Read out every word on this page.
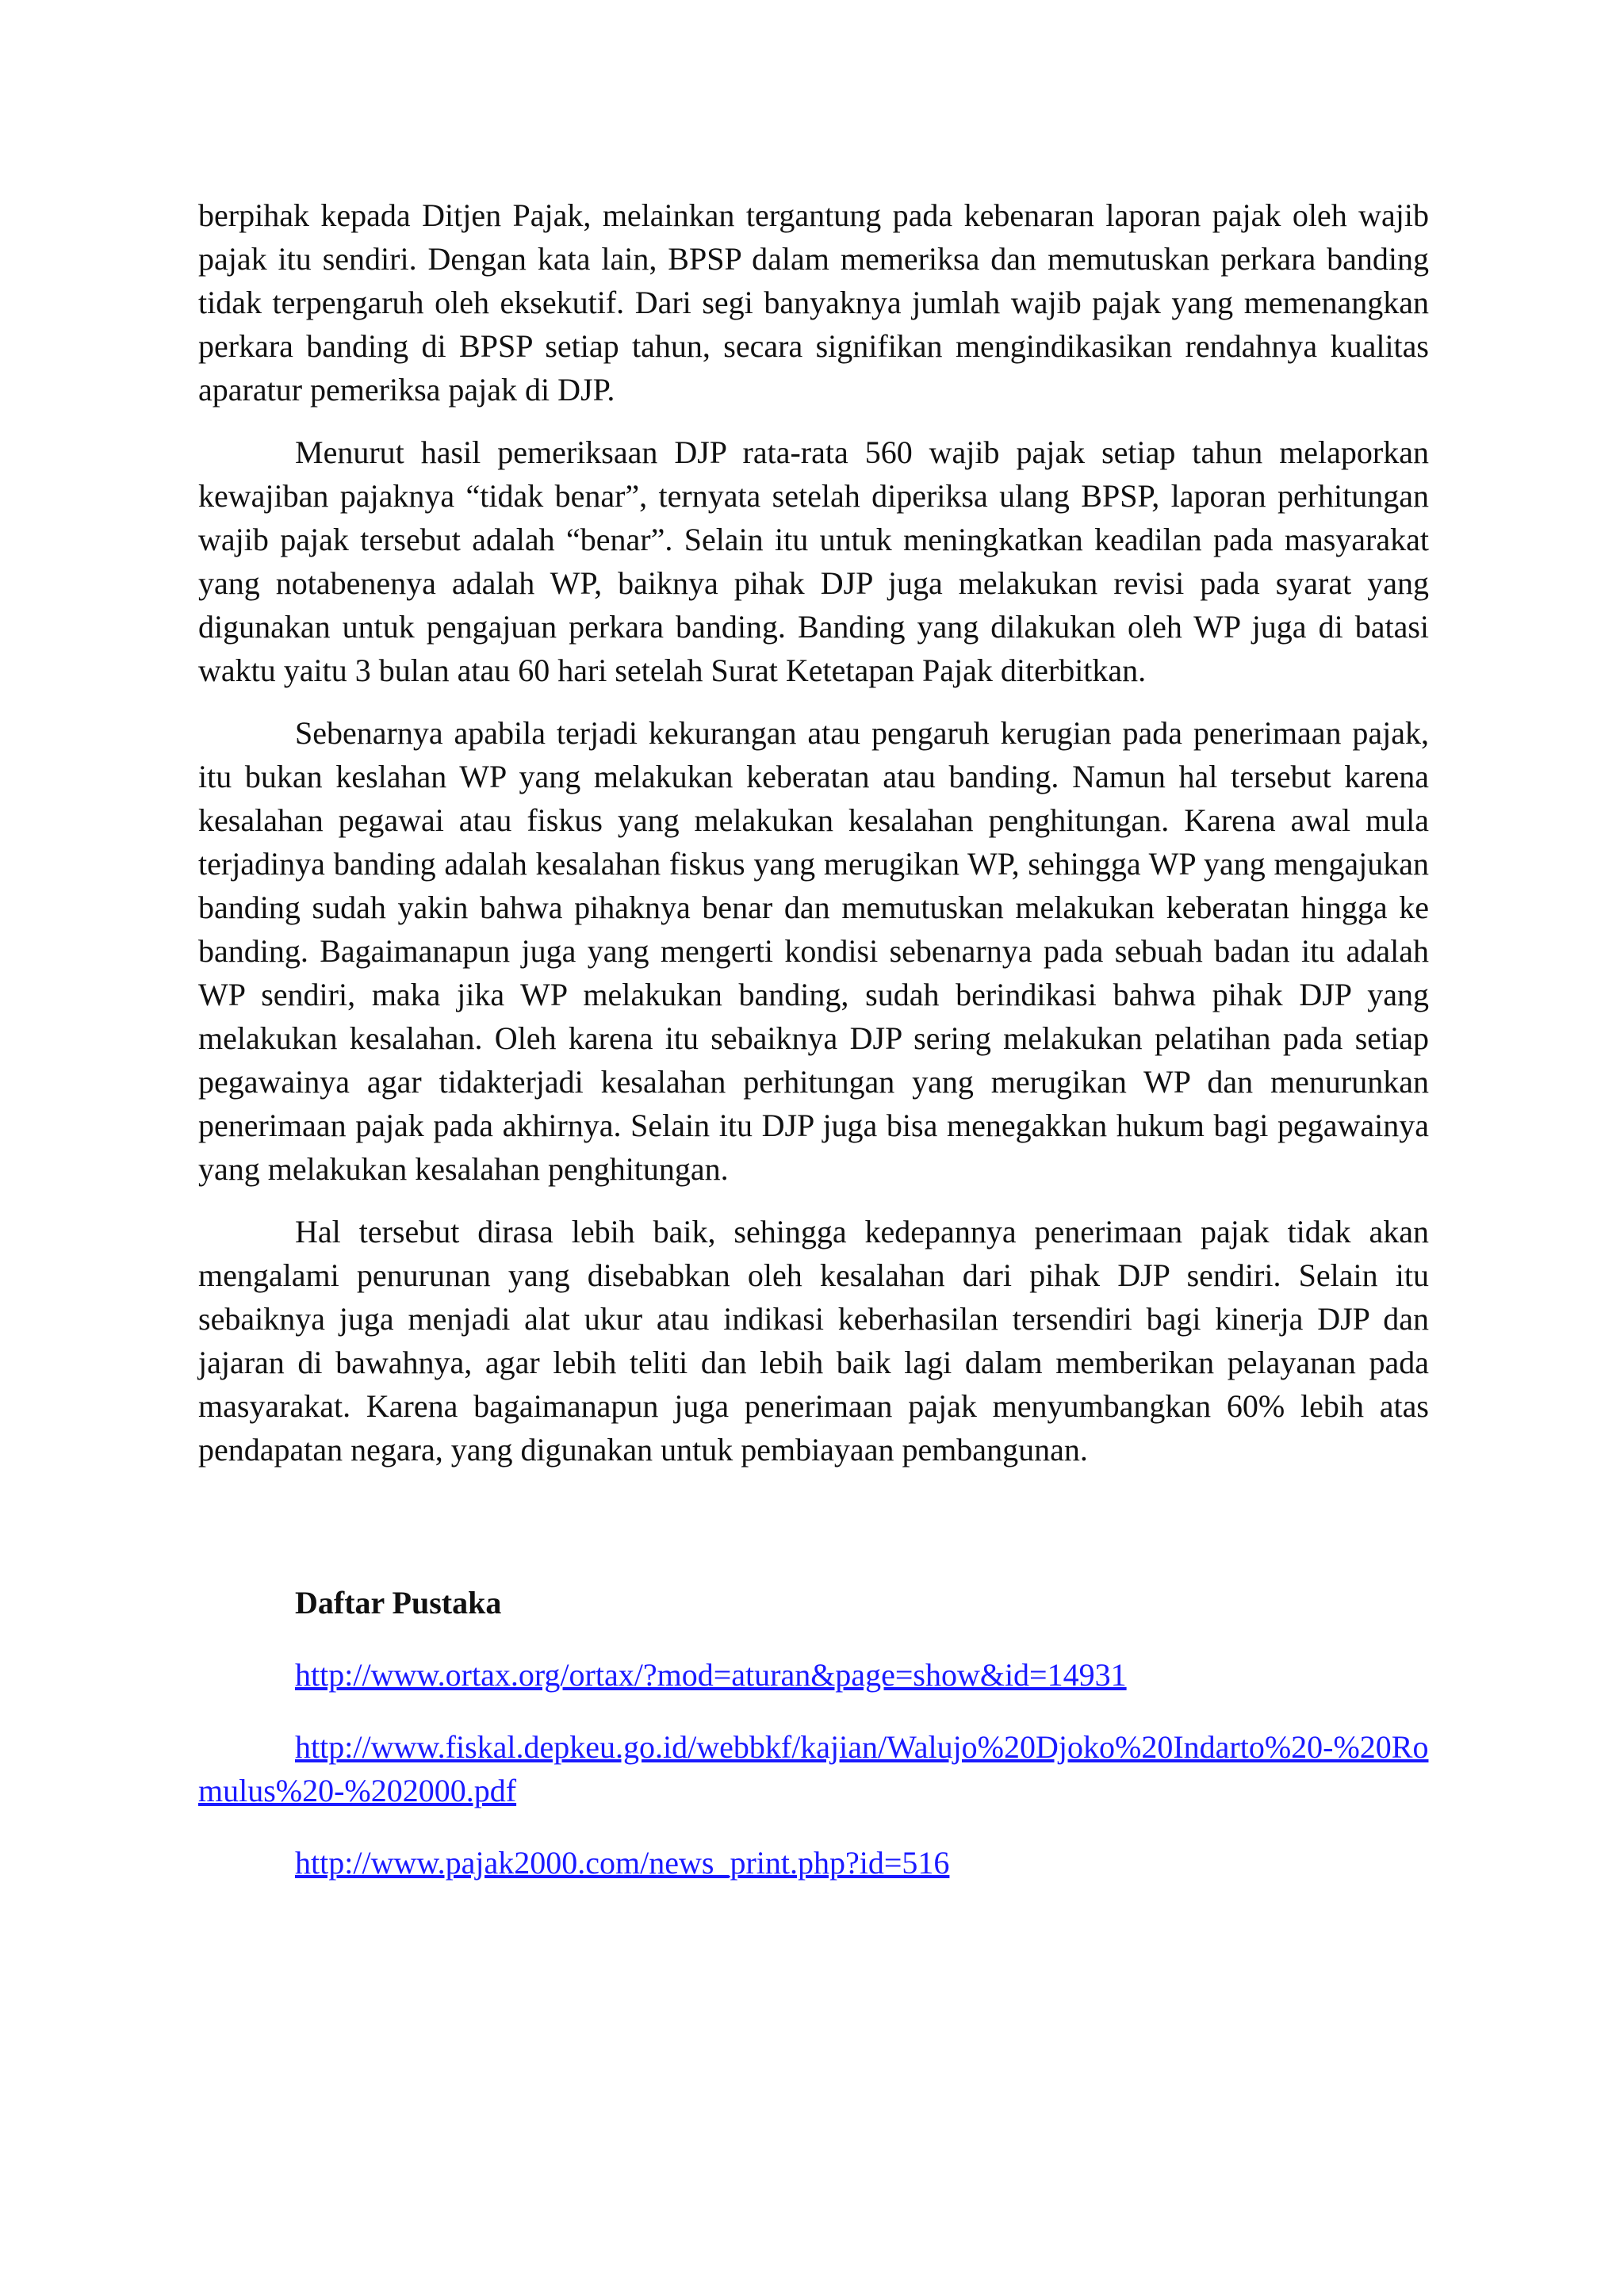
berpihak kepada Ditjen Pajak, melainkan tergantung pada kebenaran laporan pajak oleh wajib pajak itu sendiri. Dengan kata lain, BPSP dalam memeriksa dan memutuskan perkara banding tidak terpengaruh oleh eksekutif. Dari segi banyaknya jumlah wajib pajak yang memenangkan perkara banding di BPSP setiap tahun, secara signifikan mengindikasikan rendahnya kualitas aparatur pemeriksa pajak di DJP.

Menurut hasil pemeriksaan DJP rata-rata 560 wajib pajak setiap tahun melaporkan kewajiban pajaknya “tidak benar”, ternyata setelah diperiksa ulang BPSP, laporan perhitungan wajib pajak tersebut adalah “benar”. Selain itu untuk meningkatkan keadilan pada masyarakat yang notabenenya adalah WP, baiknya pihak DJP juga melakukan revisi pada syarat yang digunakan untuk pengajuan perkara banding. Banding yang dilakukan oleh WP juga di batasi waktu yaitu 3 bulan atau 60 hari setelah Surat Ketetapan Pajak diterbitkan.

Sebenarnya apabila terjadi kekurangan atau pengaruh kerugian pada penerimaan pajak, itu bukan keslahan WP yang melakukan keberatan atau banding. Namun hal tersebut karena kesalahan pegawai atau fiskus yang melakukan kesalahan penghitungan. Karena awal mula terjadinya banding adalah kesalahan fiskus yang merugikan WP, sehingga WP yang mengajukan banding sudah yakin bahwa pihaknya benar dan memutuskan melakukan keberatan hingga ke banding. Bagaimanapun juga yang mengerti kondisi sebenarnya pada sebuah badan itu adalah WP sendiri, maka jika WP melakukan banding, sudah berindikasi bahwa pihak DJP yang melakukan kesalahan. Oleh karena itu sebaiknya DJP sering melakukan pelatihan pada setiap pegawainya agar tidakterjadi kesalahan perhitungan yang merugikan WP dan menurunkan penerimaan pajak pada akhirnya. Selain itu DJP juga bisa menegakkan hukum bagi pegawainya yang melakukan kesalahan penghitungan.

Hal tersebut dirasa lebih baik, sehingga kedepannya penerimaan pajak tidak akan mengalami penurunan yang disebabkan oleh kesalahan dari pihak DJP sendiri. Selain itu sebaiknya juga menjadi alat ukur atau indikasi keberhasilan tersendiri bagi kinerja DJP dan jajaran di bawahnya, agar lebih teliti dan lebih baik lagi dalam memberikan pelayanan pada masyarakat. Karena bagaimanapun juga penerimaan pajak menyumbangkan 60% lebih atas pendapatan negara, yang digunakan untuk pembiayaan pembangunan.

Daftar Pustaka

http://www.ortax.org/ortax/?mod=aturan&page=show&id=14931

http://www.fiskal.depkeu.go.id/webbkf/kajian/Walujo%20Djoko%20Indarto%20-%20Romulus%20-%202000.pdf

http://www.pajak2000.com/news_print.php?id=516
